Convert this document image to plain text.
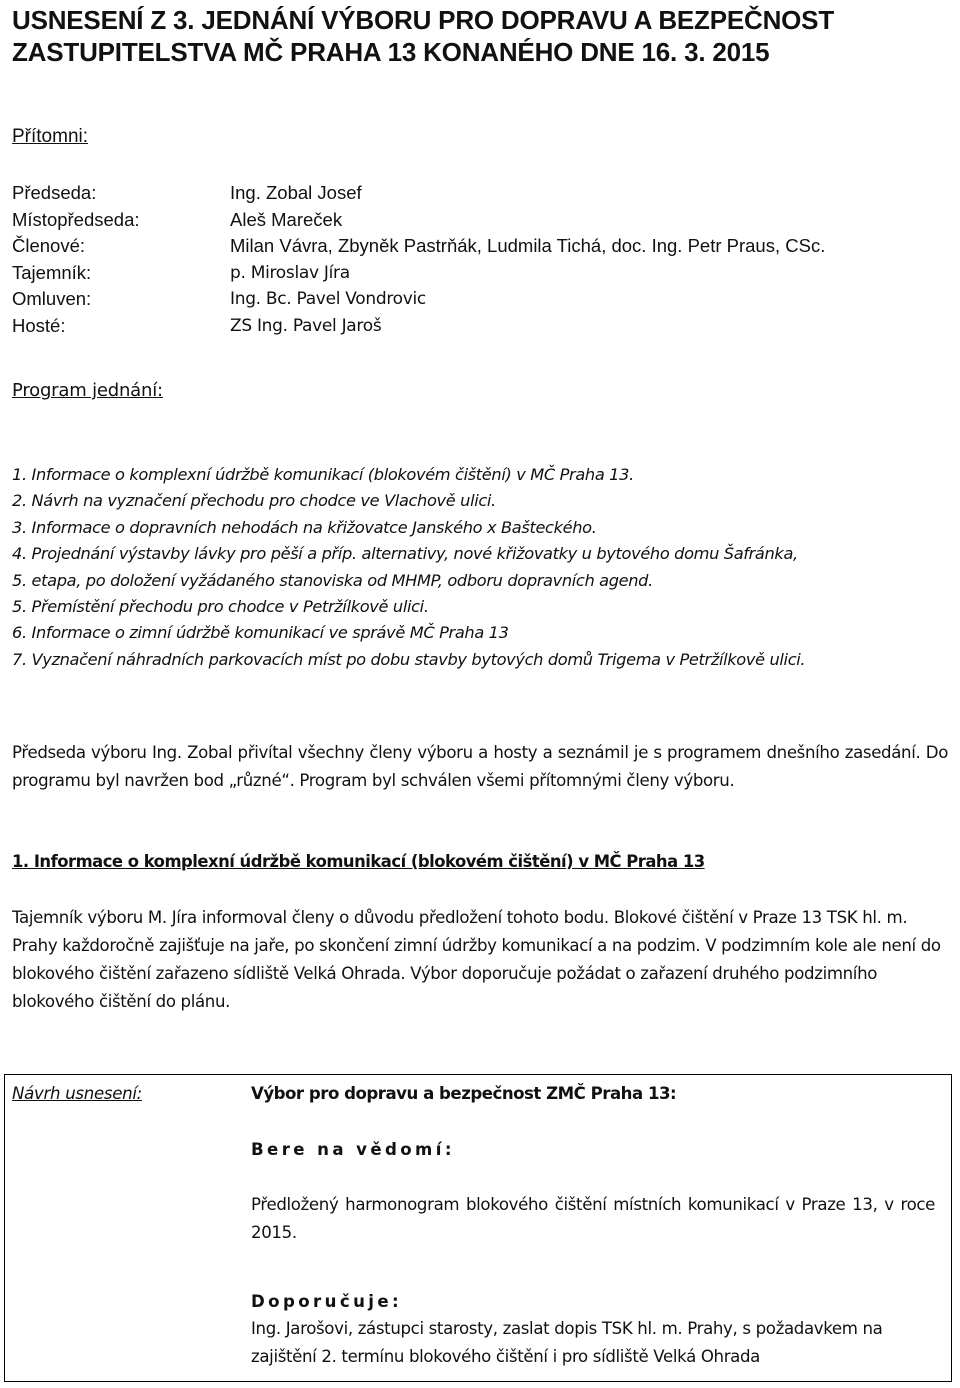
USNESENÍ Z 3. JEDNÁNÍ VÝBORU PRO DOPRAVU A BEZPEČNOST
ZASTUPITELSTVA MČ PRAHA 13 KONANÉHO DNE 16. 3. 2015
Přítomni:
Předseda:	Ing. Zobal Josef
Místopředseda:	Aleš Mareček
Členové:	Milan Vávra, Zbyněk Pastrňák, Ludmila Tichá, doc. Ing. Petr Praus, CSc.
Tajemník:	p. Miroslav Jíra
Omluven:	Ing. Bc. Pavel Vondrovic
Hosté:	ZS Ing. Pavel Jaroš
Program jednání:
1. Informace o komplexní údržbě komunikací (blokovém čištění) v MČ Praha 13.
2. Návrh na vyznačení přechodu pro chodce ve Vlachově ulici.
3. Informace o dopravních nehodách na křižovatce Janského x Bašteckého.
4. Projednání výstavby lávky pro pěší a příp. alternativy, nové křižovatky u bytového domu Šafránka,
5. etapa, po doložení vyžádaného stanoviska od MHMP, odboru dopravních agend.
5. Přemístění přechodu pro chodce v Petržílkově ulici.
6. Informace o zimní údržbě komunikací ve správě MČ Praha 13
7. Vyznačení náhradních parkovacích míst po dobu stavby bytových domů Trigema v Petržílkově ulici.
Předseda výboru Ing. Zobal přivítal všechny členy výboru a hosty a seznámil je s programem dnešního zasedání. Do programu byl navržen bod „různé“. Program byl schválen všemi přítomnými členy výboru.
1. Informace o komplexní údržbě komunikací (blokovém čištění) v MČ Praha 13
Tajemník výboru M. Jíra informoval členy o důvodu předložení tohoto bodu. Blokové čištění v Praze 13 TSK hl. m. Prahy každoročně zajišťuje na jaře, po skončení zimní údržby komunikací a na podzim. V podzimním kole ale není do blokového čištění zařazeno sídliště Velká Ohrada. Výbor doporučuje požádat o zařazení druhého podzimního blokového čištění do plánu.
Návrh usnesení:	Výbor pro dopravu a bezpečnost ZMČ Praha 13:
Bere na vědomí:
Předložený harmonogram blokového čištění místních komunikací v Praze 13, v roce 2015.
Doporučuje:
Ing. Jarošovi, zástupci starosty, zaslat dopis TSK hl. m. Prahy, s požadavkem na zajištění 2. termínu blokového čištění i pro sídliště Velká Ohrada
